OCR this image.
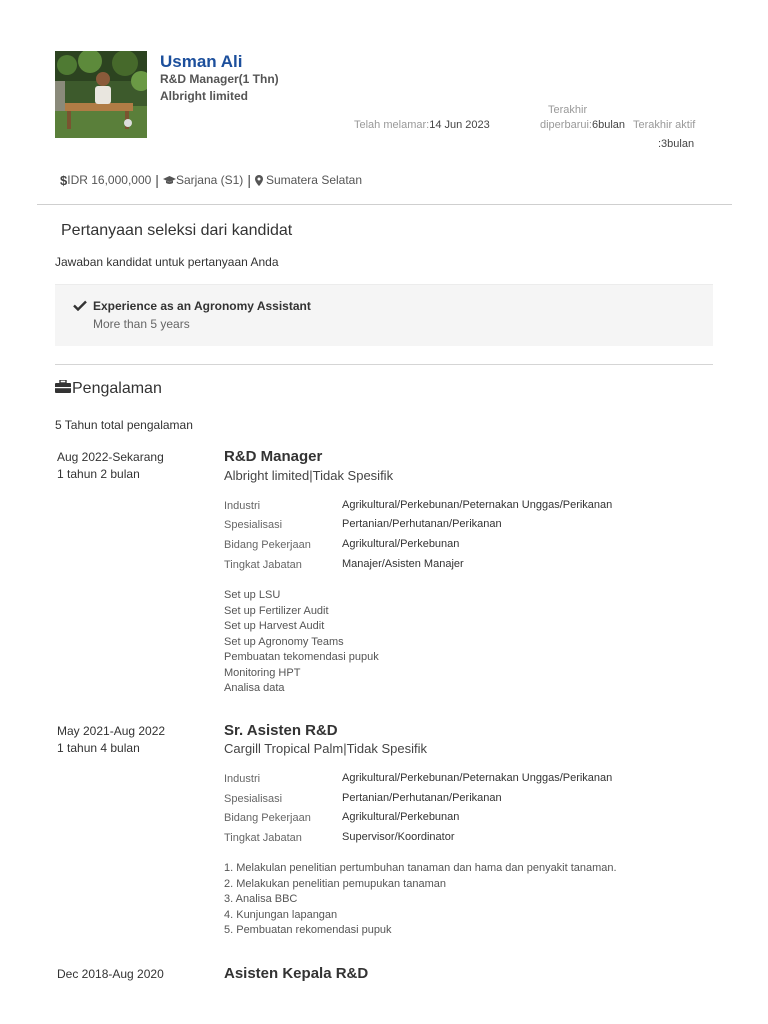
Usman Ali
R&D Manager(1 Thn)
Albright limited
Telah melamar:14 Jun 2023
Terakhir
diperbarui:6bulan Terakhir aktif
:3bulan
$ IDR 16,000,000 | Sarjana (S1) | Sumatera Selatan
Pertanyaan seleksi dari kandidat
Jawaban kandidat untuk pertanyaan Anda
Experience as an Agronomy Assistant
More than 5 years
Pengalaman
5 Tahun total pengalaman
Aug 2022-Sekarang
1 tahun 2 bulan
R&D Manager
Albright limited|Tidak Spesifik
Industri	Agrikultural/Perkebunan/Peternakan Unggas/Perikanan
Spesialisasi	Pertanian/Perhutanan/Perikanan
Bidang Pekerjaan	Agrikultural/Perkebunan
Tingkat Jabatan	Manajer/Asisten Manajer
Set up LSU
Set up Fertilizer Audit
Set up Harvest Audit
Set up Agronomy Teams
Pembuatan tekomendasi pupuk
Monitoring HPT
Analisa data
May 2021-Aug 2022
1 tahun 4 bulan
Sr. Asisten R&D
Cargill Tropical Palm|Tidak Spesifik
Industri	Agrikultural/Perkebunan/Peternakan Unggas/Perikanan
Spesialisasi	Pertanian/Perhutanan/Perikanan
Bidang Pekerjaan	Agrikultural/Perkebunan
Tingkat Jabatan	Supervisor/Koordinator
1. Melakulan penelitian pertumbuhan tanaman dan hama dan penyakit tanaman.
2. Melakukan penelitian pemupukan tanaman
3. Analisa BBC
4. Kunjungan lapangan
5. Pembuatan rekomendasi pupuk
Dec 2018-Aug 2020	Asisten Kepala R&D
